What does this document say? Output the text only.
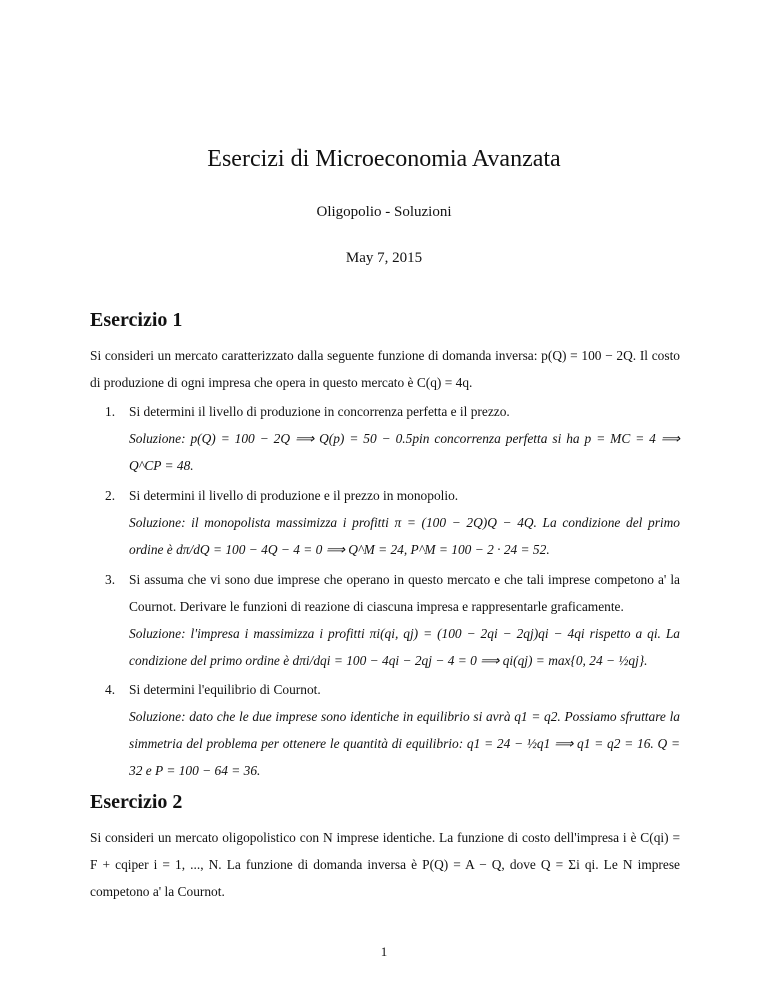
Esercizi di Microeconomia Avanzata
Oligopolio - Soluzioni
May 7, 2015
Esercizio 1
Si consideri un mercato caratterizzato dalla seguente funzione di domanda inversa: p(Q) = 100 − 2Q. Il costo di produzione di ogni impresa che opera in questo mercato è C(q) = 4q.
1. Si determini il livello di produzione in concorrenza perfetta e il prezzo.
Soluzione: p(Q) = 100 − 2Q ⟹ Q(p) = 50 − 0.5pin concorrenza perfetta si ha p = MC = 4 ⟹ Q^CP = 48.
2. Si determini il livello di produzione e il prezzo in monopolio.
Soluzione: il monopolista massimizza i profitti π = (100 − 2Q)Q − 4Q. La condizione del primo ordine è dπ/dQ = 100 − 4Q − 4 = 0 ⟹ Q^M = 24, P^M = 100 − 2 · 24 = 52.
3. Si assuma che vi sono due imprese che operano in questo mercato e che tali imprese competono a' la Cournot. Derivare le funzioni di reazione di ciascuna impresa e rappresentarle graficamente.
Soluzione: l'impresa i massimizza i profitti πi(qi, qj) = (100 − 2qi − 2qj)qi − 4qi rispetto a qi. La condizione del primo ordine è dπi/dqi = 100 − 4qi − 2qj − 4 = 0 ⟹ qi(qj) = max{0, 24 − ½qj}.
4. Si determini l'equilibrio di Cournot.
Soluzione: dato che le due imprese sono identiche in equilibrio si avrà q1 = q2. Possiamo sfruttare la simmetria del problema per ottenere le quantità di equilibrio: q1 = 24 − ½q1 ⟹ q1 = q2 = 16. Q = 32 e P = 100 − 64 = 36.
Esercizio 2
Si consideri un mercato oligopolistico con N imprese identiche. La funzione di costo dell'impresa i è C(qi) = F + cqiper i = 1, ..., N. La funzione di domanda inversa è P(Q) = A − Q, dove Q = Σi qi. Le N imprese competono a' la Cournot.
1
